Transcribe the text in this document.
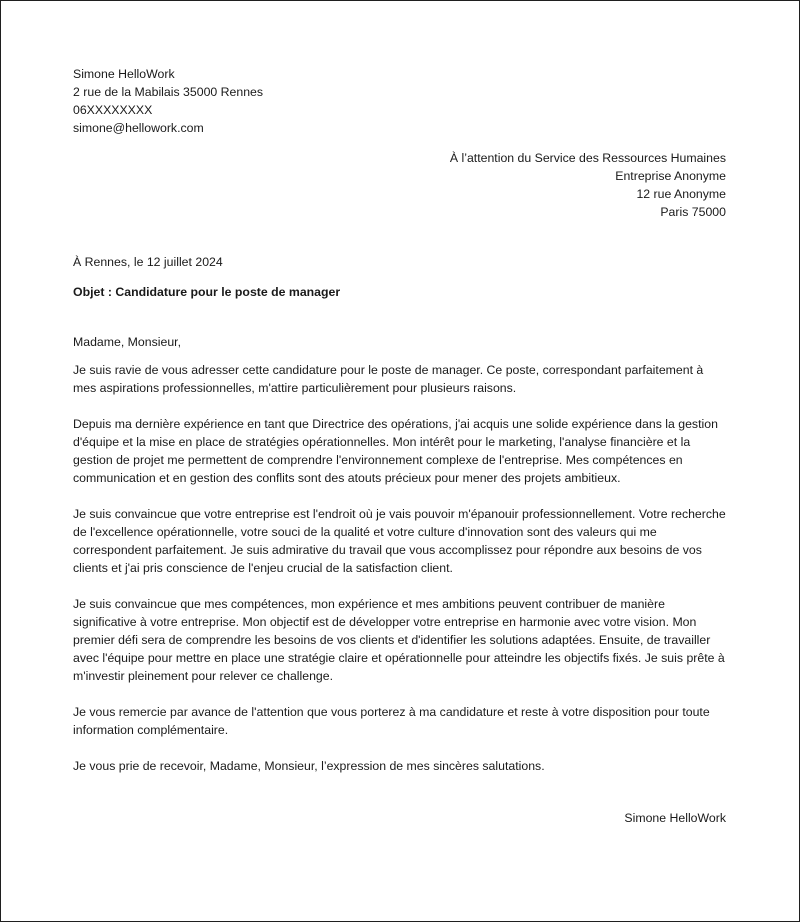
Simone HelloWork
2 rue de la Mabilais 35000 Rennes
06XXXXXXXX
simone@hellowork.com
À l’attention du Service des Ressources Humaines
Entreprise Anonyme
12 rue Anonyme
Paris 75000
À Rennes, le 12 juillet 2024
Objet : Candidature pour le poste de manager
Madame, Monsieur,
Je suis ravie de vous adresser cette candidature pour le poste de manager. Ce poste, correspondant parfaitement à mes aspirations professionnelles, m'attire particulièrement pour plusieurs raisons.
Depuis ma dernière expérience en tant que Directrice des opérations, j'ai acquis une solide expérience dans la gestion d'équipe et la mise en place de stratégies opérationnelles. Mon intérêt pour le marketing, l'analyse financière et la gestion de projet me permettent de comprendre l'environnement complexe de l'entreprise. Mes compétences en communication et en gestion des conflits sont des atouts précieux pour mener des projets ambitieux.
Je suis convaincue que votre entreprise est l'endroit où je vais pouvoir m'épanouir professionnellement. Votre recherche de l'excellence opérationnelle, votre souci de la qualité et votre culture d'innovation sont des valeurs qui me correspondent parfaitement. Je suis admirative du travail que vous accomplissez pour répondre aux besoins de vos clients et j'ai pris conscience de l'enjeu crucial de la satisfaction client.
Je suis convaincue que mes compétences, mon expérience et mes ambitions peuvent contribuer de manière significative à votre entreprise. Mon objectif est de développer votre entreprise en harmonie avec votre vision. Mon premier défi sera de comprendre les besoins de vos clients et d'identifier les solutions adaptées. Ensuite, de travailler avec l'équipe pour mettre en place une stratégie claire et opérationnelle pour atteindre les objectifs fixés. Je suis prête à m'investir pleinement pour relever ce challenge.
Je vous remercie par avance de l'attention que vous porterez à ma candidature et reste à votre disposition pour toute information complémentaire.
Je vous prie de recevoir, Madame, Monsieur, l’expression de mes sincères salutations.
Simone HelloWork
